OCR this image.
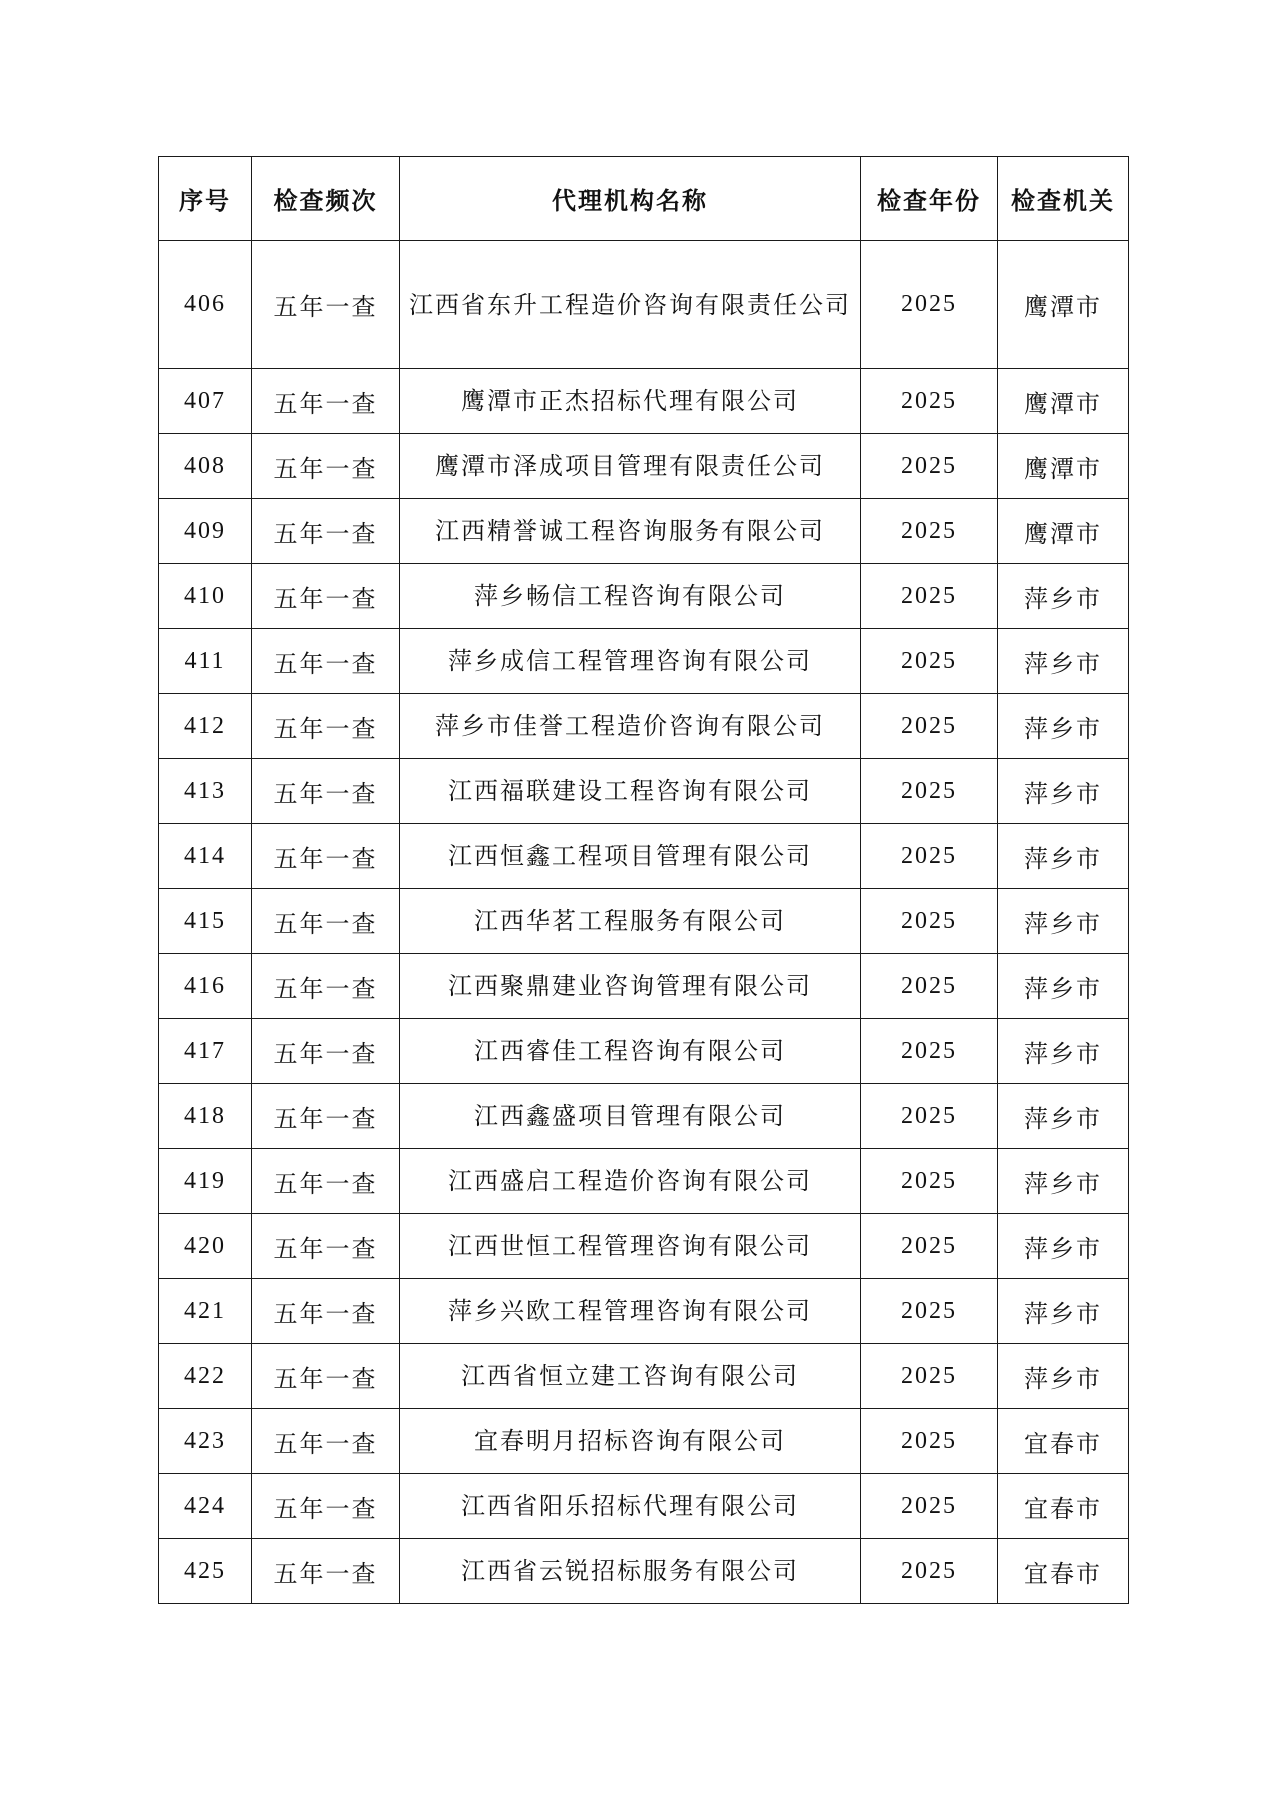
序号	检查频次	代理机构名称	检查年份	检查机关
406	五年一查	江西省东升工程造价咨询有限责任公司	2025	鹰潭市
407	五年一查	鹰潭市正杰招标代理有限公司	2025	鹰潭市
408	五年一查	鹰潭市泽成项目管理有限责任公司	2025	鹰潭市
409	五年一查	江西精誉诚工程咨询服务有限公司	2025	鹰潭市
410	五年一查	萍乡畅信工程咨询有限公司	2025	萍乡市
411	五年一查	萍乡成信工程管理咨询有限公司	2025	萍乡市
412	五年一查	萍乡市佳誉工程造价咨询有限公司	2025	萍乡市
413	五年一查	江西福联建设工程咨询有限公司	2025	萍乡市
414	五年一查	江西恒鑫工程项目管理有限公司	2025	萍乡市
415	五年一查	江西华茗工程服务有限公司	2025	萍乡市
416	五年一查	江西聚鼎建业咨询管理有限公司	2025	萍乡市
417	五年一查	江西睿佳工程咨询有限公司	2025	萍乡市
418	五年一查	江西鑫盛项目管理有限公司	2025	萍乡市
419	五年一查	江西盛启工程造价咨询有限公司	2025	萍乡市
420	五年一查	江西世恒工程管理咨询有限公司	2025	萍乡市
421	五年一查	萍乡兴欧工程管理咨询有限公司	2025	萍乡市
422	五年一查	江西省恒立建工咨询有限公司	2025	萍乡市
423	五年一查	宜春明月招标咨询有限公司	2025	宜春市
424	五年一查	江西省阳乐招标代理有限公司	2025	宜春市
425	五年一查	江西省云锐招标服务有限公司	2025	宜春市
